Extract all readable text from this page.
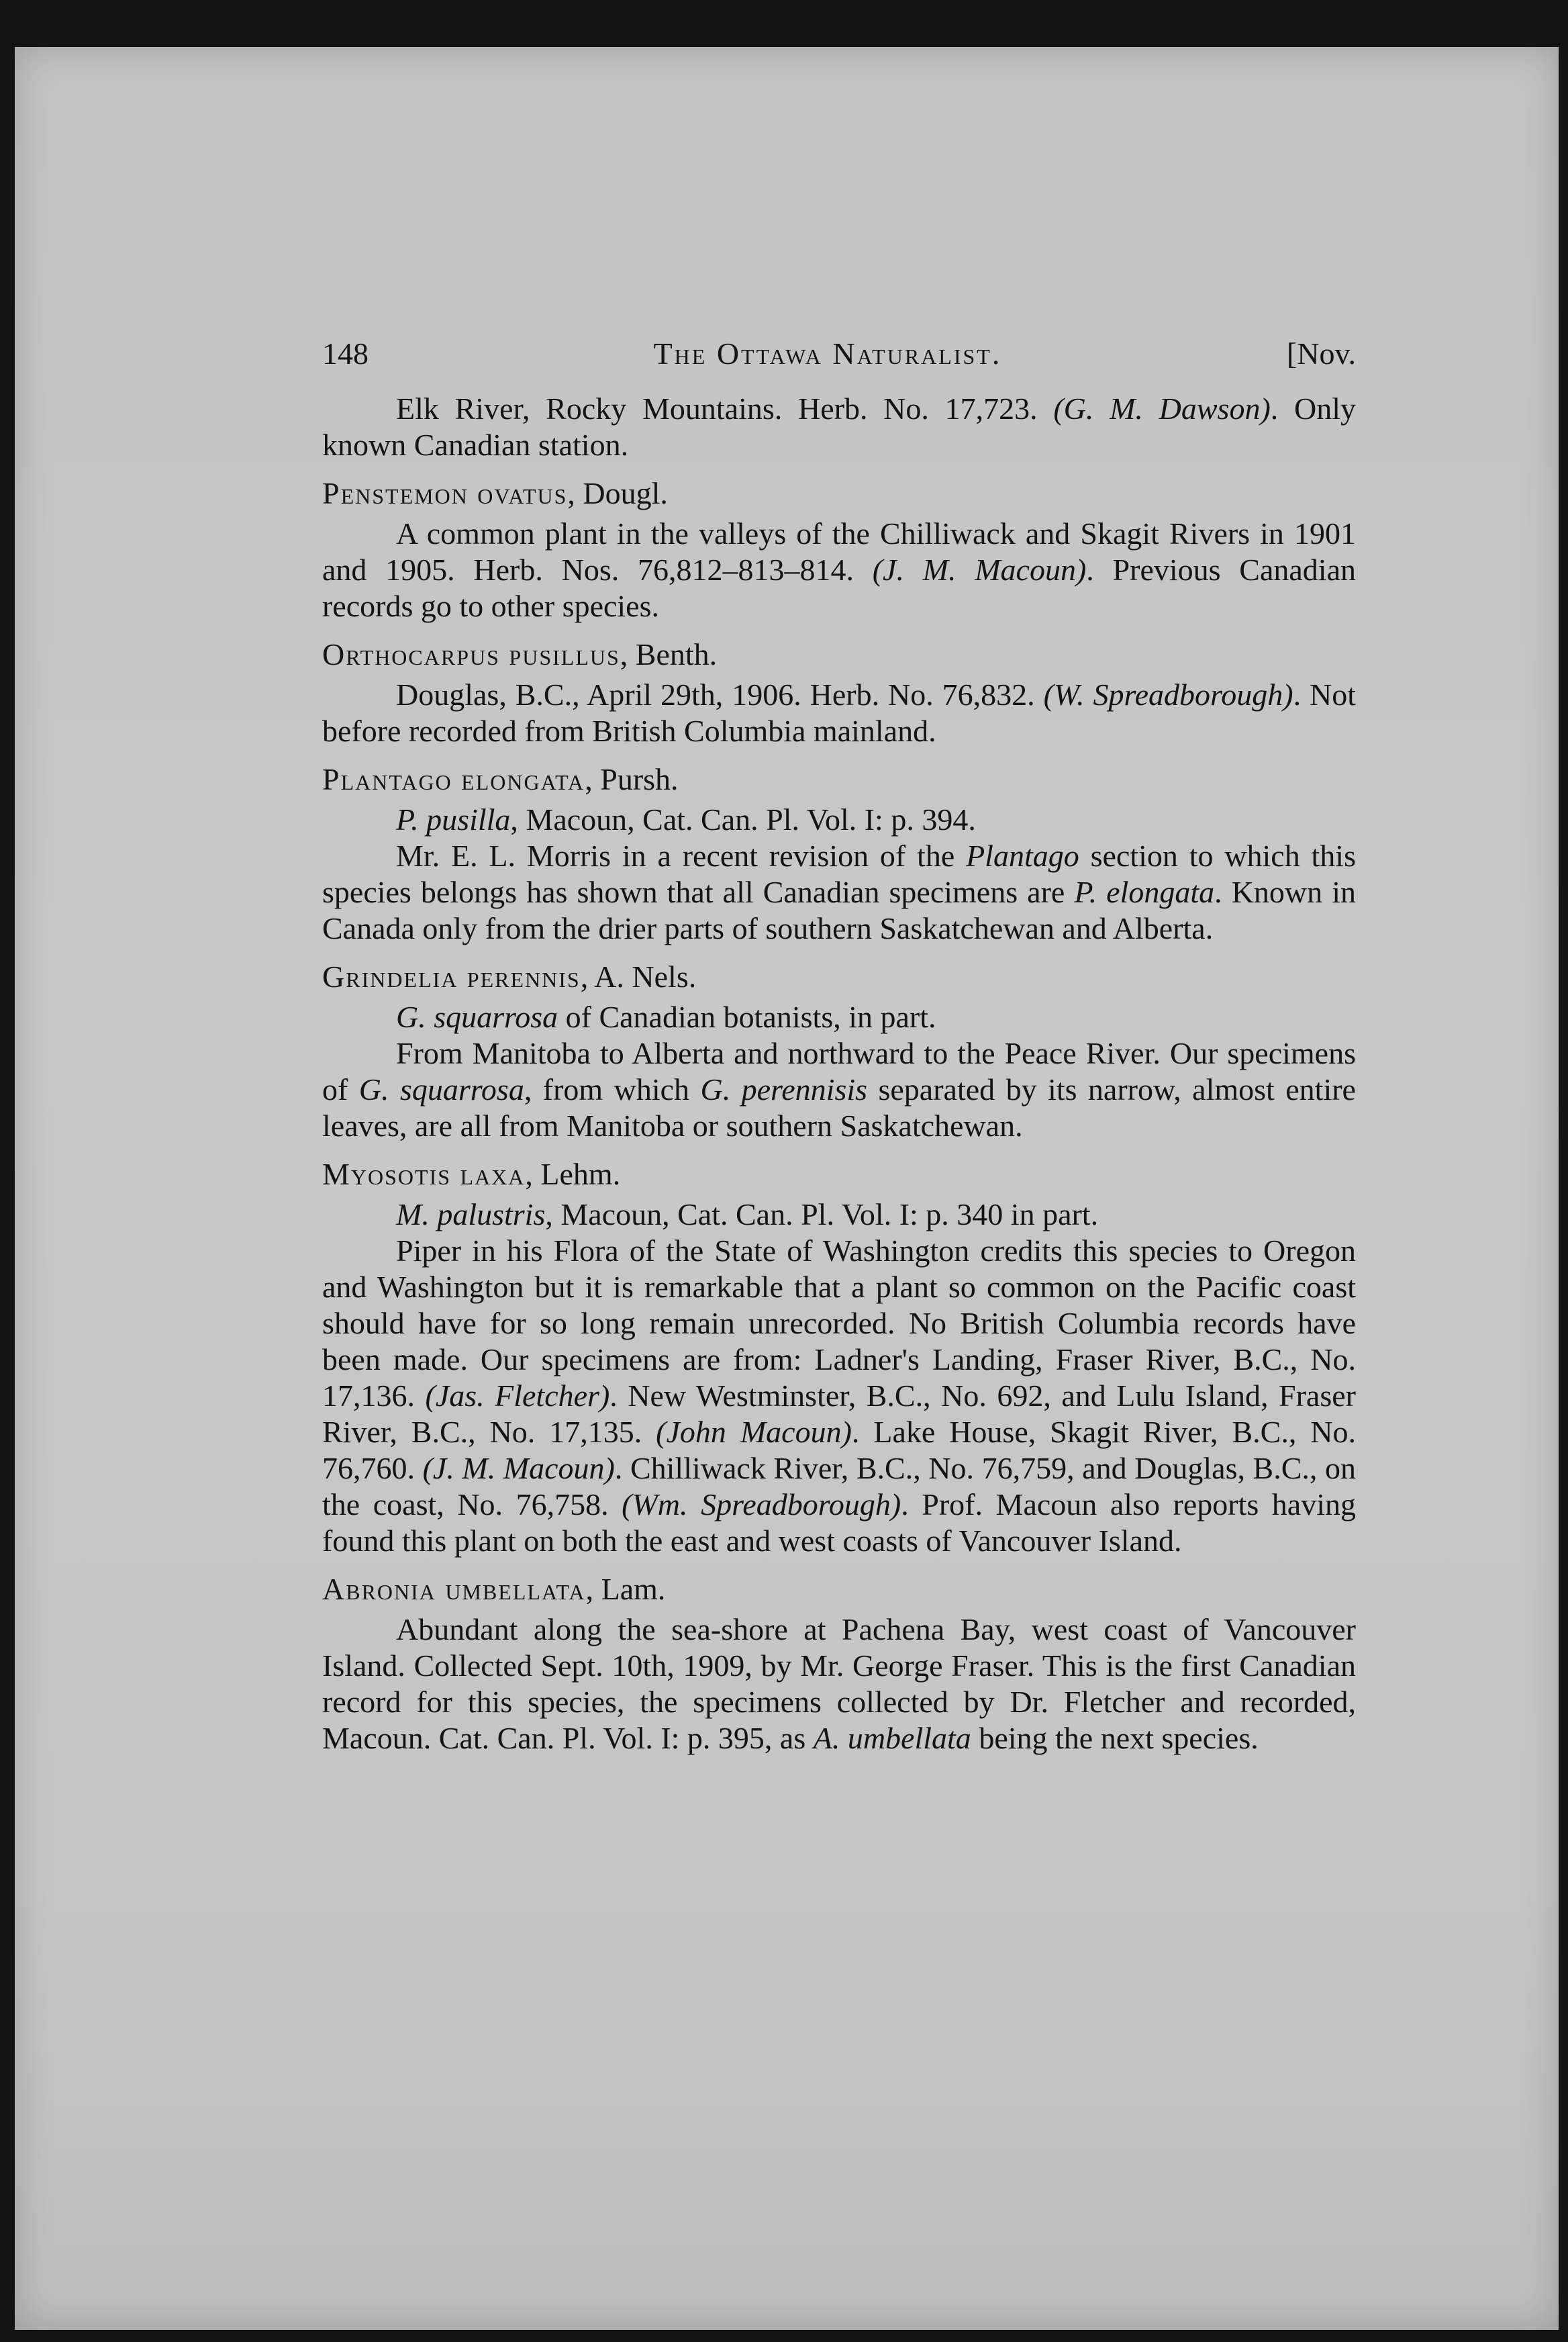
148	The Ottawa Naturalist.	[Nov.

Elk River, Rocky Mountains. Herb. No. 17,723. (G. M. Dawson). Only known Canadian station.

Penstemon ovatus, Dougl.

A common plant in the valleys of the Chilliwack and Skagit Rivers in 1901 and 1905. Herb. Nos. 76,812–813–814. (J. M. Macoun). Previous Canadian records go to other species.

Orthocarpus pusillus, Benth.

Douglas, B.C., April 29th, 1906. Herb. No. 76,832. (W. Spreadborough). Not before recorded from British Columbia mainland.

Plantago elongata, Pursh.

P. pusilla, Macoun, Cat. Can. Pl. Vol. I: p. 394.

Mr. E. L. Morris in a recent revision of the Plantago section to which this species belongs has shown that all Canadian specimens are P. elongata. Known in Canada only from the drier parts of southern Saskatchewan and Alberta.

Grindelia perennis, A. Nels.

G. squarrosa of Canadian botanists, in part.

From Manitoba to Alberta and northward to the Peace River. Our specimens of G. squarrosa, from which G. perennisis separated by its narrow, almost entire leaves, are all from Manitoba or southern Saskatchewan.

Myosotis laxa, Lehm.

M. palustris, Macoun, Cat. Can. Pl. Vol. I: p. 340 in part.

Piper in his Flora of the State of Washington credits this species to Oregon and Washington but it is remarkable that a plant so common on the Pacific coast should have for so long remain unrecorded. No British Columbia records have been made. Our specimens are from: Ladner's Landing, Fraser River, B.C., No. 17,136. (Jas. Fletcher). New Westminster, B.C., No. 692, and Lulu Island, Fraser River, B.C., No. 17,135. (John Macoun). Lake House, Skagit River, B.C., No. 76,760. (J. M. Macoun). Chilliwack River, B.C., No. 76,759, and Douglas, B.C., on the coast, No. 76,758. (Wm. Spreadborough). Prof. Macoun also reports having found this plant on both the east and west coasts of Vancouver Island.

Abronia umbellata, Lam.

Abundant along the sea-shore at Pachena Bay, west coast of Vancouver Island. Collected Sept. 10th, 1909, by Mr. George Fraser. This is the first Canadian record for this species, the specimens collected by Dr. Fletcher and recorded, Macoun. Cat. Can. Pl. Vol. I: p. 395, as A. umbellata being the next species.
